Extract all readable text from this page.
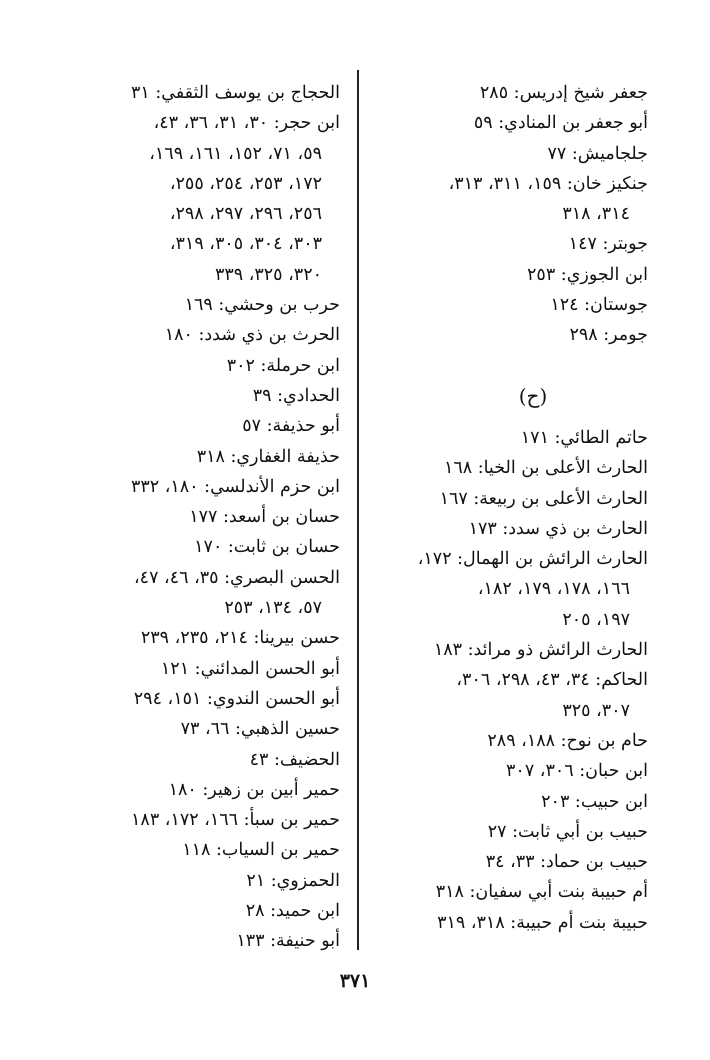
جعفر شيخ إدريس: ٢٨٥
أبو جعفر بن المنادي: ٥٩
جلجاميش: ٧٧
جنكيز خان: ١٥٩، ٣١١، ٣١٣،
٣١٤، ٣١٨
جوبتر: ١٤٧
ابن الجوزي: ٢٥٣
جوستان: ١٢٤
جومر: ٢٩٨
(ح)
حاتم الطائي: ١٧١
الحارث الأعلى بن الخيا: ١٦٨
الحارث الأعلى بن ربيعة: ١٦٧
الحارث بن ذي سدد: ١٧٣
الحارث الرائش بن الهمال: ١٧٢،
١٦٦، ١٧٨، ١٧٩، ١٨٢،
١٩٧، ٢٠٥
الحارث الرائش ذو مرائد: ١٨٣
الحاكم: ٣٤، ٤٣، ٢٩٨، ٣٠٦،
٣٠٧، ٣٢٥
حام بن نوح: ١٨٨، ٢٨٩
ابن حبان: ٣٠٦، ٣٠٧
ابن حبيب: ٢٠٣
حبيب بن أبي ثابت: ٢٧
حبيب بن حماد: ٣٣، ٣٤
أم حبيبة بنت أبي سفيان: ٣١٨
حبيبة بنت أم حبيبة: ٣١٨، ٣١٩
الحجاج بن يوسف الثقفي: ٣١
ابن حجر: ٣٠، ٣١، ٣٦، ٤٣،
٥٩، ٧١، ١٥٢، ١٦١، ١٦٩،
١٧٢، ٢٥٣، ٢٥٤، ٢٥٥،
٢٥٦، ٢٩٦، ٢٩٧، ٢٩٨،
٣٠٣، ٣٠٤، ٣٠٥، ٣١٩،
٣٢٠، ٣٢٥، ٣٣٩
حرب بن وحشي: ١٦٩
الحرث بن ذي شدد: ١٨٠
ابن حرملة: ٣٠٢
الحدادي: ٣٩
أبو حذيفة: ٥٧
حذيفة الغفاري: ٣١٨
ابن حزم الأندلسي: ١٨٠، ٣٣٢
حسان بن أسعد: ١٧٧
حسان بن ثابت: ١٧٠
الحسن البصري: ٣٥، ٤٦، ٤٧،
٥٧، ١٣٤، ٢٥٣
حسن بيرينا: ٢١٤، ٢٣٥، ٢٣٩
أبو الحسن المدائني: ١٢١
أبو الحسن الندوي: ١٥١، ٢٩٤
حسين الذهبي: ٦٦، ٧٣
الحضيف: ٤٣
حمير أبين بن زهير: ١٨٠
حمير بن سبأ: ١٦٦، ١٧٢، ١٨٣
حمير بن السياب: ١١٨
الحمزوي: ٢١
ابن حميد: ٢٨
أبو حنيفة: ١٣٣
٣٧١
